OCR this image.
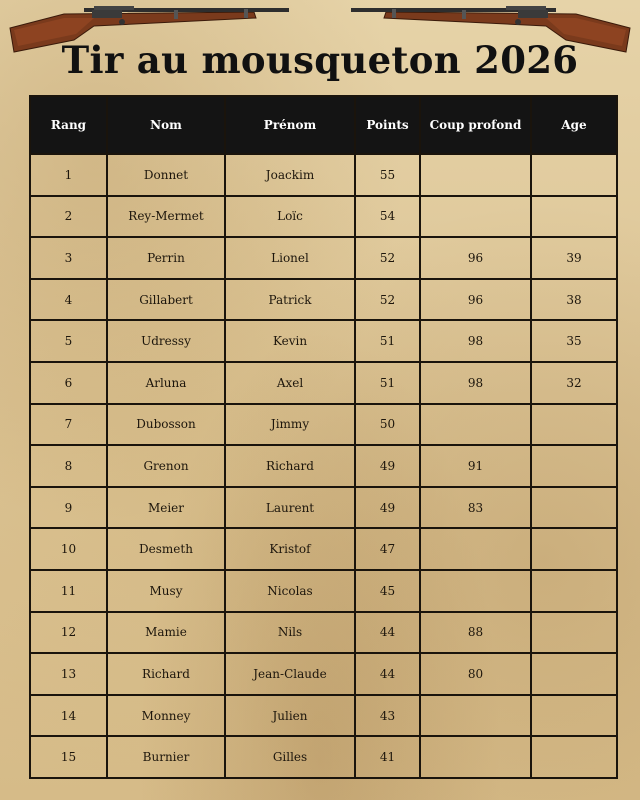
Tir au mousqueton 2026
Rang	Nom	Prénom	Points	Coup profond	Age
1	Donnet	Joackim	55		
2	Rey-Mermet	Loïc	54		
3	Perrin	Lionel	52	96	39
4	Gillabert	Patrick	52	96	38
5	Udressy	Kevin	51	98	35
6	Arluna	Axel	51	98	32
7	Dubosson	Jimmy	50		
8	Grenon	Richard	49	91	
9	Meier	Laurent	49	83	
10	Desmeth	Kristof	47		
11	Musy	Nicolas	45		
12	Mamie	Nils	44	88	
13	Richard	Jean-Claude	44	80	
14	Monney	Julien	43		
15	Burnier	Gilles	41		
